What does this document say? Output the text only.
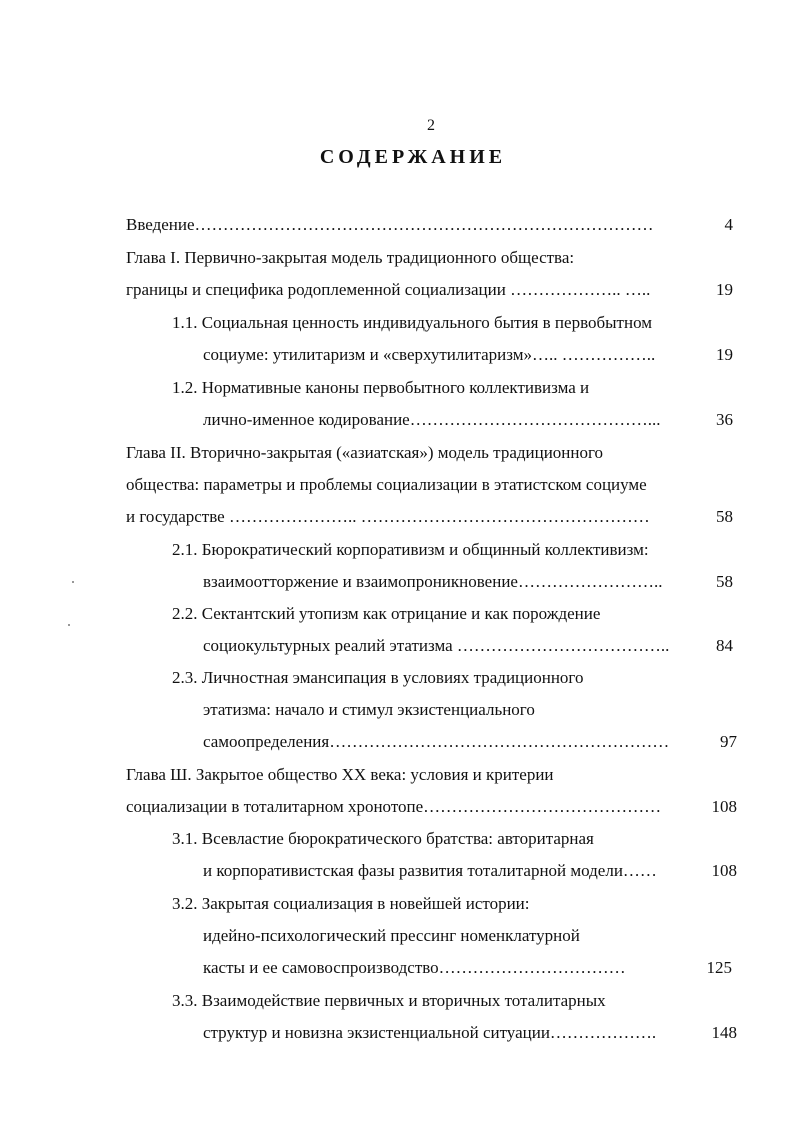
2
СОДЕРЖАНИЕ
Введение………………………………………………………………………	4
Глава I. Первично-закрытая модель традиционного общества:
границы и специфика родоплеменной социализации ……………….. …..	19
1.1. Социальная ценность индивидуального бытия в первобытном
социуме: утилитаризм и «сверхутилитаризм»….. ……………..	19
1.2. Нормативные каноны первобытного коллективизма и
лично-именное кодирование……………………………………...	36
Глава II. Вторично-закрытая («азиатская») модель традиционного
общества: параметры и проблемы социализации в этатистском социуме
и государстве ………………….. ……………………………………………	58
2.1. Бюрократический корпоративизм и общинный коллективизм:
взаимоотторжение и взаимопроникновение……………………..	58
2.2. Сектантский утопизм как отрицание и как порождение
социокультурных реалий этатизма ………………………………..	84
2.3. Личностная эмансипация в условиях традиционного
этатизма: начало и стимул экзистенциального
самоопределения……………………………………………………	97
Глава Ш. Закрытое общество XX века: условия и критерии
социализации в тоталитарном хронотопе……………………………………	108
3.1. Всевластие бюрократического братства: авторитарная
и корпоративистская фазы развития тоталитарной модели……	108
3.2. Закрытая социализация в новейшей истории:
идейно-психологический прессинг номенклатурной
касты и ее самовоспроизводство……………………………	125
3.3. Взаимодействие первичных и вторичных тоталитарных
структур и новизна экзистенциальной ситуации……………….	148
